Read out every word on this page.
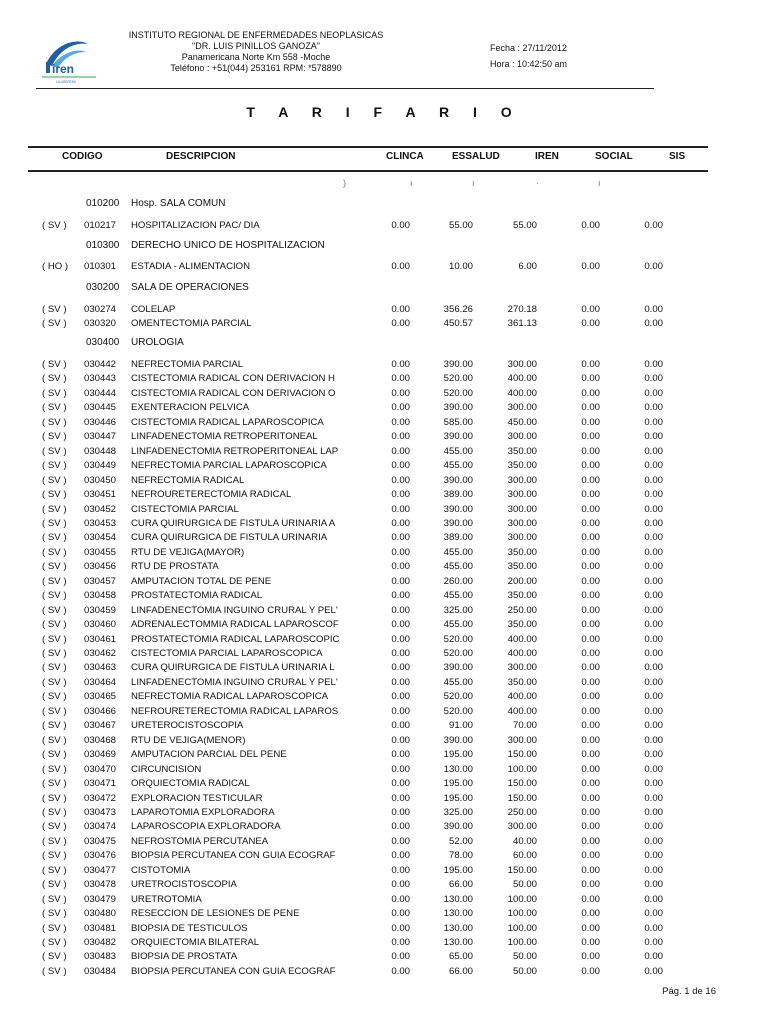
iren
LA LIBERTAD
INSTITUTO REGIONAL DE ENFERMEDADES NEOPLASICAS
"DR. LUIS PINILLOS GANOZA"
Panamericana Norte Km 558 -Moche
Teléfono : +51(044) 253161 RPM: *578890
Fecha : 27/11/2012
Hora : 10:42:50 am
T A R I F A R I O
CODIGO	DESCRIPCION	CLINCA	ESSALUD	IREN	SOCIAL	SIS
)	ı	ı	·	ı
010200 Hosp. SALA COMUN
( SV ) 010217 HOSPITALIZACION PAC/ DIA	0.00	55.00	55.00	0.00	0.00
010300 DERECHO UNICO DE HOSPITALIZACION
( HO ) 010301 ESTADIA - ALIMENTACION	0.00	10.00	6.00	0.00	0.00
030200 SALA DE OPERACIONES
( SV ) 030274 COLELAP	0.00	356.26	270.18	0.00	0.00
( SV ) 030320 OMENTECTOMIA PARCIAL	0.00	450.57	361.13	0.00	0.00
030400 UROLOGIA
( SV ) 030442 NEFRECTOMIA PARCIAL	0.00	390.00	300.00	0.00	0.00
( SV ) 030443 CISTECTOMIA RADICAL CON DERIVACION H	0.00	520.00	400.00	0.00	0.00
( SV ) 030444 CISTECTOMIA RADICAL CON DERIVACION O	0.00	520.00	400.00	0.00	0.00
( SV ) 030445 EXENTERACION PELVICA	0.00	390.00	300.00	0.00	0.00
( SV ) 030446 CISTECTOMIA RADICAL LAPAROSCOPICA	0.00	585.00	450.00	0.00	0.00
( SV ) 030447 LINFADENECTOMIA RETROPERITONEAL	0.00	390.00	300.00	0.00	0.00
( SV ) 030448 LINFADENECTOMIA RETROPERITONEAL LAP	0.00	455.00	350.00	0.00	0.00
( SV ) 030449 NEFRECTOMIA PARCIAL LAPAROSCOPICA	0.00	455.00	350.00	0.00	0.00
( SV ) 030450 NEFRECTOMIA RADICAL	0.00	390.00	300.00	0.00	0.00
( SV ) 030451 NEFROURETERECTOMIA RADICAL	0.00	389.00	300.00	0.00	0.00
( SV ) 030452 CISTECTOMIA PARCIAL	0.00	390.00	300.00	0.00	0.00
( SV ) 030453 CURA QUIRURGICA DE FISTULA URINARIA A	0.00	390.00	300.00	0.00	0.00
( SV ) 030454 CURA QUIRURGICA DE FISTULA URINARIA	0.00	389.00	300.00	0.00	0.00
( SV ) 030455 RTU DE VEJIGA(MAYOR)	0.00	455.00	350.00	0.00	0.00
( SV ) 030456 RTU DE PROSTATA	0.00	455.00	350.00	0.00	0.00
( SV ) 030457 AMPUTACION TOTAL DE PENE	0.00	260.00	200.00	0.00	0.00
( SV ) 030458 PROSTATECTOMIA RADICAL	0.00	455.00	350.00	0.00	0.00
( SV ) 030459 LINFADENECTOMIA INGUINO CRURAL Y PEL'	0.00	325.00	250.00	0.00	0.00
( SV ) 030460 ADRENALECTOMMIA RADICAL LAPAROSCOF	0.00	455.00	350.00	0.00	0.00
( SV ) 030461 PROSTATECTOMIA RADICAL LAPAROSCOPIC	0.00	520.00	400.00	0.00	0.00
( SV ) 030462 CISTECTOMIA PARCIAL LAPAROSCOPICA	0.00	520.00	400.00	0.00	0.00
( SV ) 030463 CURA QUIRURGICA DE FISTULA URINARIA L	0.00	390.00	300.00	0.00	0.00
( SV ) 030464 LINFADENECTOMIA INGUINO CRURAL Y PEL'	0.00	455.00	350.00	0.00	0.00
( SV ) 030465 NEFRECTOMIA RADICAL LAPAROSCOPICA	0.00	520.00	400.00	0.00	0.00
( SV ) 030466 NEFROURETERECTOMIA RADICAL LAPAROS	0.00	520.00	400.00	0.00	0.00
( SV ) 030467 URETEROCISTOSCOPIA	0.00	91.00	70.00	0.00	0.00
( SV ) 030468 RTU DE VEJIGA(MENOR)	0.00	390.00	300.00	0.00	0.00
( SV ) 030469 AMPUTACION PARCIAL DEL PENE	0.00	195.00	150.00	0.00	0.00
( SV ) 030470 CIRCUNCISION	0.00	130.00	100.00	0.00	0.00
( SV ) 030471 ORQUIECTOMIA RADICAL	0.00	195.00	150.00	0.00	0.00
( SV ) 030472 EXPLORACION TESTICULAR	0.00	195.00	150.00	0.00	0.00
( SV ) 030473 LAPAROTOMIA EXPLORADORA	0.00	325.00	250.00	0.00	0.00
( SV ) 030474 LAPAROSCOPIA EXPLORADORA	0.00	390.00	300.00	0.00	0.00
( SV ) 030475 NEFROSTOMIA PERCUTANEA	0.00	52.00	40.00	0.00	0.00
( SV ) 030476 BIOPSIA PERCUTANEA CON GUIA ECOGRAF	0.00	78.00	60.00	0.00	0.00
( SV ) 030477 CISTOTOMIA	0.00	195.00	150.00	0.00	0.00
( SV ) 030478 URETROCISTOSCOPIA	0.00	66.00	50.00	0.00	0.00
( SV ) 030479 URETROTOMIA	0.00	130.00	100.00	0.00	0.00
( SV ) 030480 RESECCION DE LESIONES DE PENE	0.00	130.00	100.00	0.00	0.00
( SV ) 030481 BIOPSIA DE TESTICULOS	0.00	130.00	100.00	0.00	0.00
( SV ) 030482 ORQUIECTOMIA BILATERAL	0.00	130.00	100.00	0.00	0.00
( SV ) 030483 BIOPSIA DE PROSTATA	0.00	65.00	50.00	0.00	0.00
( SV ) 030484 BIOPSIA PERCUTANEA CON GUIA ECOGRAF	0.00	66.00	50.00	0.00	0.00
Pág. 1 de 16
